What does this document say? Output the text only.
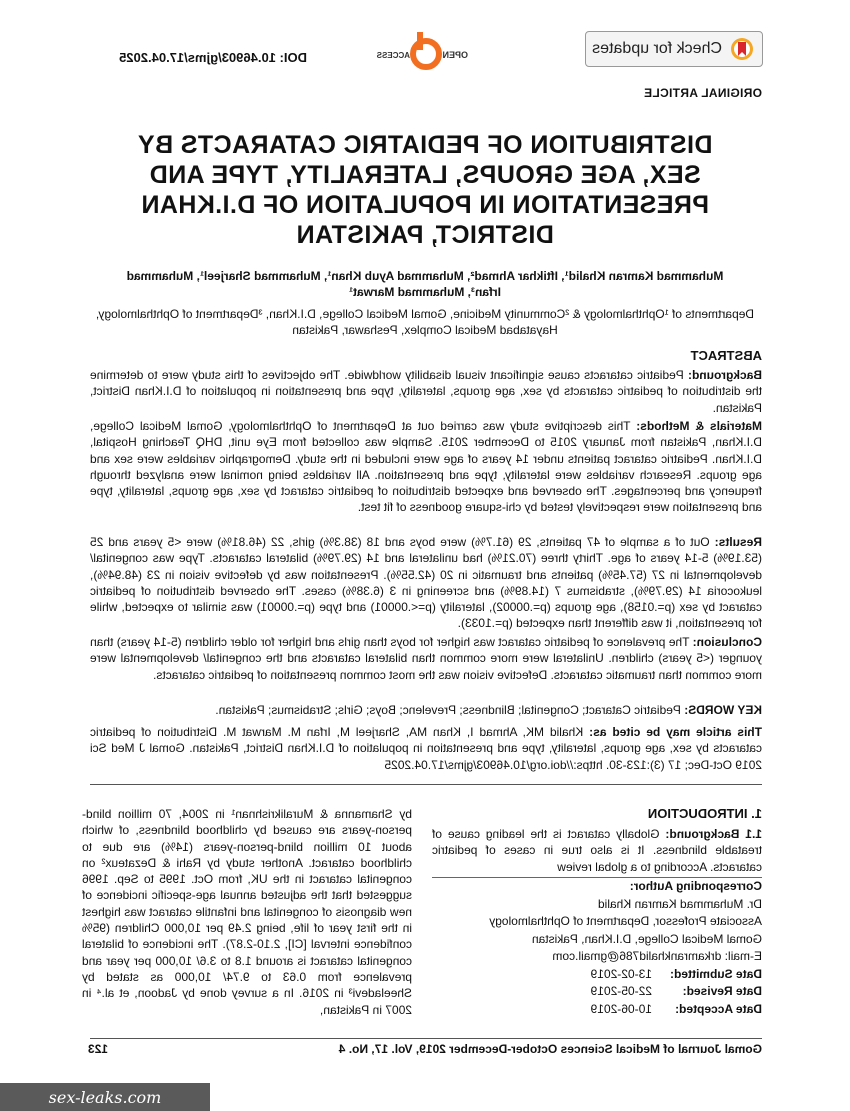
Check for updates
OPEN
ACCESS
DOI: 10.46903/gjms/17.04.2025
ORIGINAL ARTICLE
DISTRIBUTION OF PEDIATRIC CATARACTS BY SEX, AGE GROUPS, LATERALITY, TYPE AND PRESENTATION IN POPULATION OF D.I.KHAN DISTRICT, PAKISTAN
Muhammad Kamran Khalid¹, Iftikhar Ahmad², Muhammad Ayub Khan¹, Muhammad Sharjeel¹, Muhammad Irfan³, Muhammad Marwat¹
Departments of ¹Ophthalmology & ²Community Medicine, Gomal Medical College, D.I.Khan, ³Department of Ophthalmology, Hayatabad Medical Complex, Peshawar, Pakistan
ABSTRACT
Background: Pediatric cataracts cause significant visual disability worldwide. The objectives of this study were to determine the distribution of pediatric cataracts by sex, age groups, laterality, type and presentation in population of D.I.Khan District, Pakistan.
Materials & Methods: This descriptive study was carried out at Department of Ophthalmology, Gomal Medical College, D.I.Khan, Pakistan from January 2015 to December 2015. Sample was collected from Eye unit, DHQ Teaching Hospital, D.I.Khan. Pediatric cataract patients under 14 years of age were included in the study. Demographic variables were sex and age groups. Research variables were laterality, type and presentation. All variables being nominal were analyzed through frequency and percentages. The observed and expected distribution of pediatric cataract by sex, age groups, laterality, type and presentation were respectively tested by chi-square goodness of fit test.
Results: Out of a sample of 47 patients, 29 (61.7%) were boys and 18 (38.3%) girls, 22 (46.81%) were <5 years and 25 (53.19%) 5-14 years of age. Thirty three (70.21%) had unilateral and 14 (29.79%) bilateral cataracts. Type was congenital/ developmental in 27 (57.45%) patients and traumatic in 20 (42.55%). Presentation was by defective vision in 23 (48.94%), leukocoria 14 (29.79%), strabismus 7 (14.89%) and screening in 3 (6.38%) cases. The observed distribution of pediatric cataract by sex (p=.0158), age groups (p=.00002), laterality (p=<.00001) and type (p=.00001) was similar to expected, while for presentation, it was different than expected (p=.1033).
Conclusion: The prevalence of pediatric cataract was higher for boys than girls and higher for older children (5-14 years) than younger (<5 years) children. Unilateral were more common than bilateral cataracts and the congenital/ developmental were more common than traumatic cataracts. Defective vision was the most common presentation of pediatric cataracts.
KEY WORDS: Pediatric Cataract; Congenital; Blindness; Prevelenc; Boys; Girls; Strabismus; Pakistan.
This article may be cited as: Khalid MK, Ahmad I, Khan MA, Sharjeel M, Irfan M. Marwat M. Distribution of pediatric cataracts by sex, age groups, laterality, type and presentation in population of D.I.Khan District, Pakistan. Gomal J Med Sci 2019 Oct-Dec; 17 (3):123-30. https://doi.org/10.46903/gjms/17.04.2025
1. INTRODUCTION
1.1 Background: Globally cataract is the leading cause of treatable blindness. It is also true in cases of pediatric cataracts. According to a global review
Corresponding Author:
Dr. Muhammad Kamran Khalid
Associate Professor, Department of Ophthalmology
Gomal Medical College, D.I.Khan, Pakistan
E-mail: drkamrankhalid786@gmail.com
Date Submitted:
13-02-2019
Date Revised:
22-05-2019
Date Accepted:
10-06-2019
by Shamanna & Muralikrishnan¹ in 2004, 70 million blind-person-years are caused by childhood blindness, of which about 10 million blind-person-years (14%) are due to childhood cataract. Another study by Rahi & Dezateux² on congenital cataract in the UK, from Oct. 1995 to Sep. 1996 suggested that the adjusted annual age-specific incidence of new diagnosis of congenital and infantile cataract was highest in the first year of life, being 2.49 per 10,000 Children (95% confidence interval [CI], 2.10-2.87). The incidence of bilateral congenital cataract is around 1.8 to 3.6/ 10,000 per year and prevalence from 0.63 to 9.74/ 10,000 as stated by Sheeladevi³ in 2016. In a survey done by Jadoon, et al.⁴ in 2007 in Pakistan,
Gomal Journal of Medical Sciences October-December 2019, Vol. 17, No. 4
123
sex-leaks.com
